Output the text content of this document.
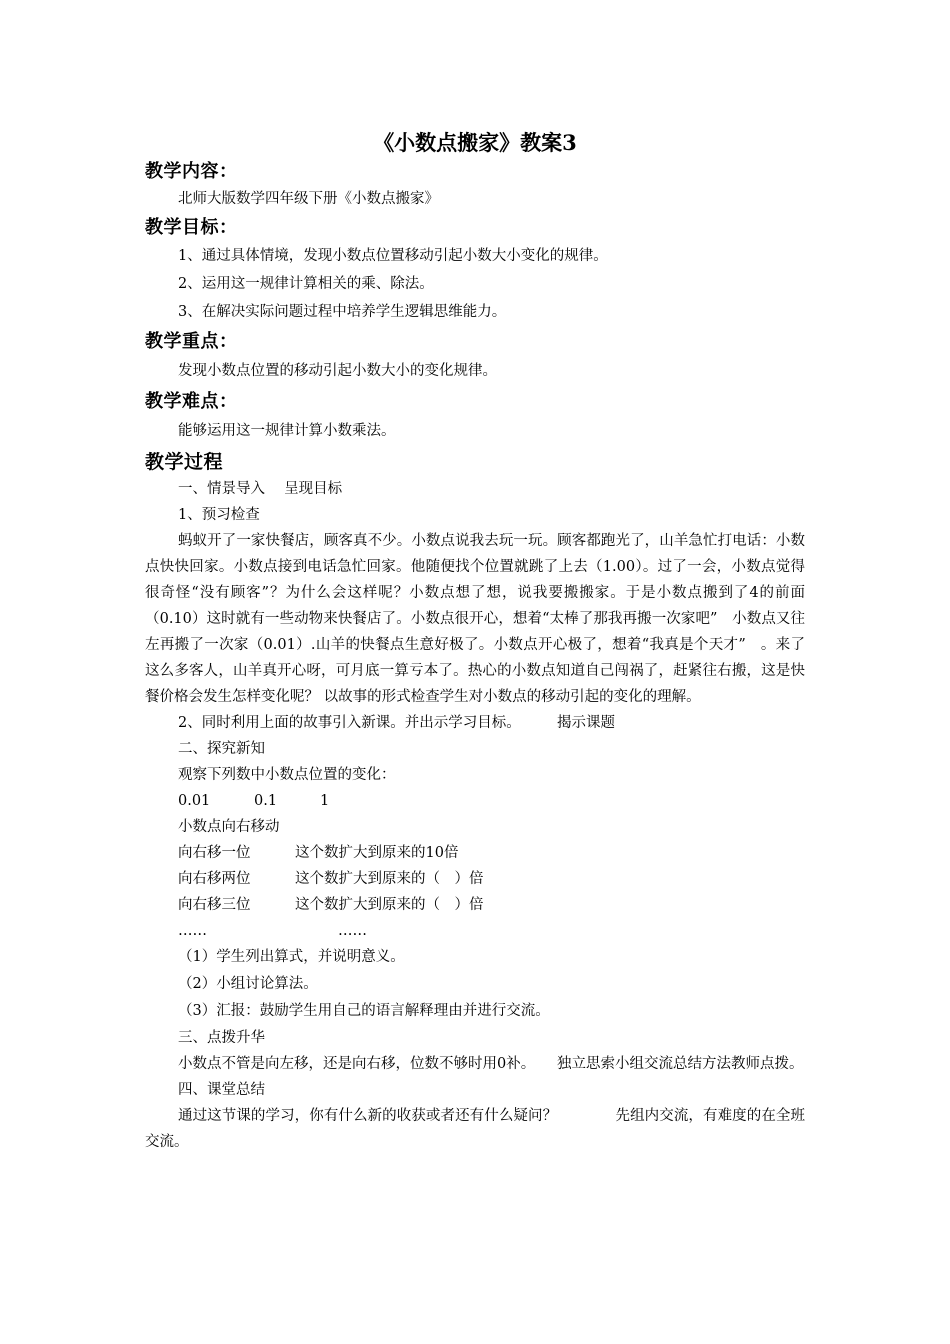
《小数点搬家》教案3
教学内容：
北师大版数学四年级下册《小数点搬家》
教学目标：
1、通过具体情境，发现小数点位置移动引起小数大小变化的规律。
2、运用这一规律计算相关的乘、除法。
3、在解决实际问题过程中培养学生逻辑思维能力。
教学重点：
发现小数点位置的移动引起小数大小的变化规律。
教学难点：
能够运用这一规律计算小数乘法。
教学过程
一、情景导入　 呈现目标
1、预习检查
蚂蚁开了一家快餐店，顾客真不少。小数点说我去玩一玩。顾客都跑光了，山羊急忙打电话：小数点快快回家。小数点接到电话急忙回家。他随便找个位置就跳了上去（1.00）。过了一会，小数点觉得很奇怪“没有顾客”？为什么会这样呢？小数点想了想，说我要搬搬家。于是小数点搬到了4的前面（0.10）这时就有一些动物来快餐店了。小数点很开心，想着“太棒了那我再搬一次家吧”　小数点又往左再搬了一次家（0.01）.山羊的快餐点生意好极了。小数点开心极了，想着“我真是个天才”　。来了这么多客人，山羊真开心呀，可月底一算亏本了。热心的小数点知道自己闯祸了，赶紧往右搬，这是快餐价格会发生怎样变化呢？ 以故事的形式检查学生对小数点的移动引起的变化的理解。
2、同时利用上面的故事引入新课。并出示学习目标。　　　揭示课题
二、探究新知
观察下列数中小数点位置的变化：
0.01	0.1	1
小数点向右移动
向右移一位	这个数扩大到原来的10倍
向右移两位	这个数扩大到原来的（　）倍
向右移三位	这个数扩大到原来的（　）倍
……	……
（1）学生列出算式，并说明意义。
（2）小组讨论算法。
（3）汇报：鼓励学生用自己的语言解释理由并进行交流。
三、点拨升华
小数点不管是向左移，还是向右移，位数不够时用0补。　　独立思索小组交流总结方法教师点拨。
四、课堂总结
通过这节课的学习，你有什么新的收获或者还有什么疑问？　　　　先组内交流，有难度的在全班交流。
